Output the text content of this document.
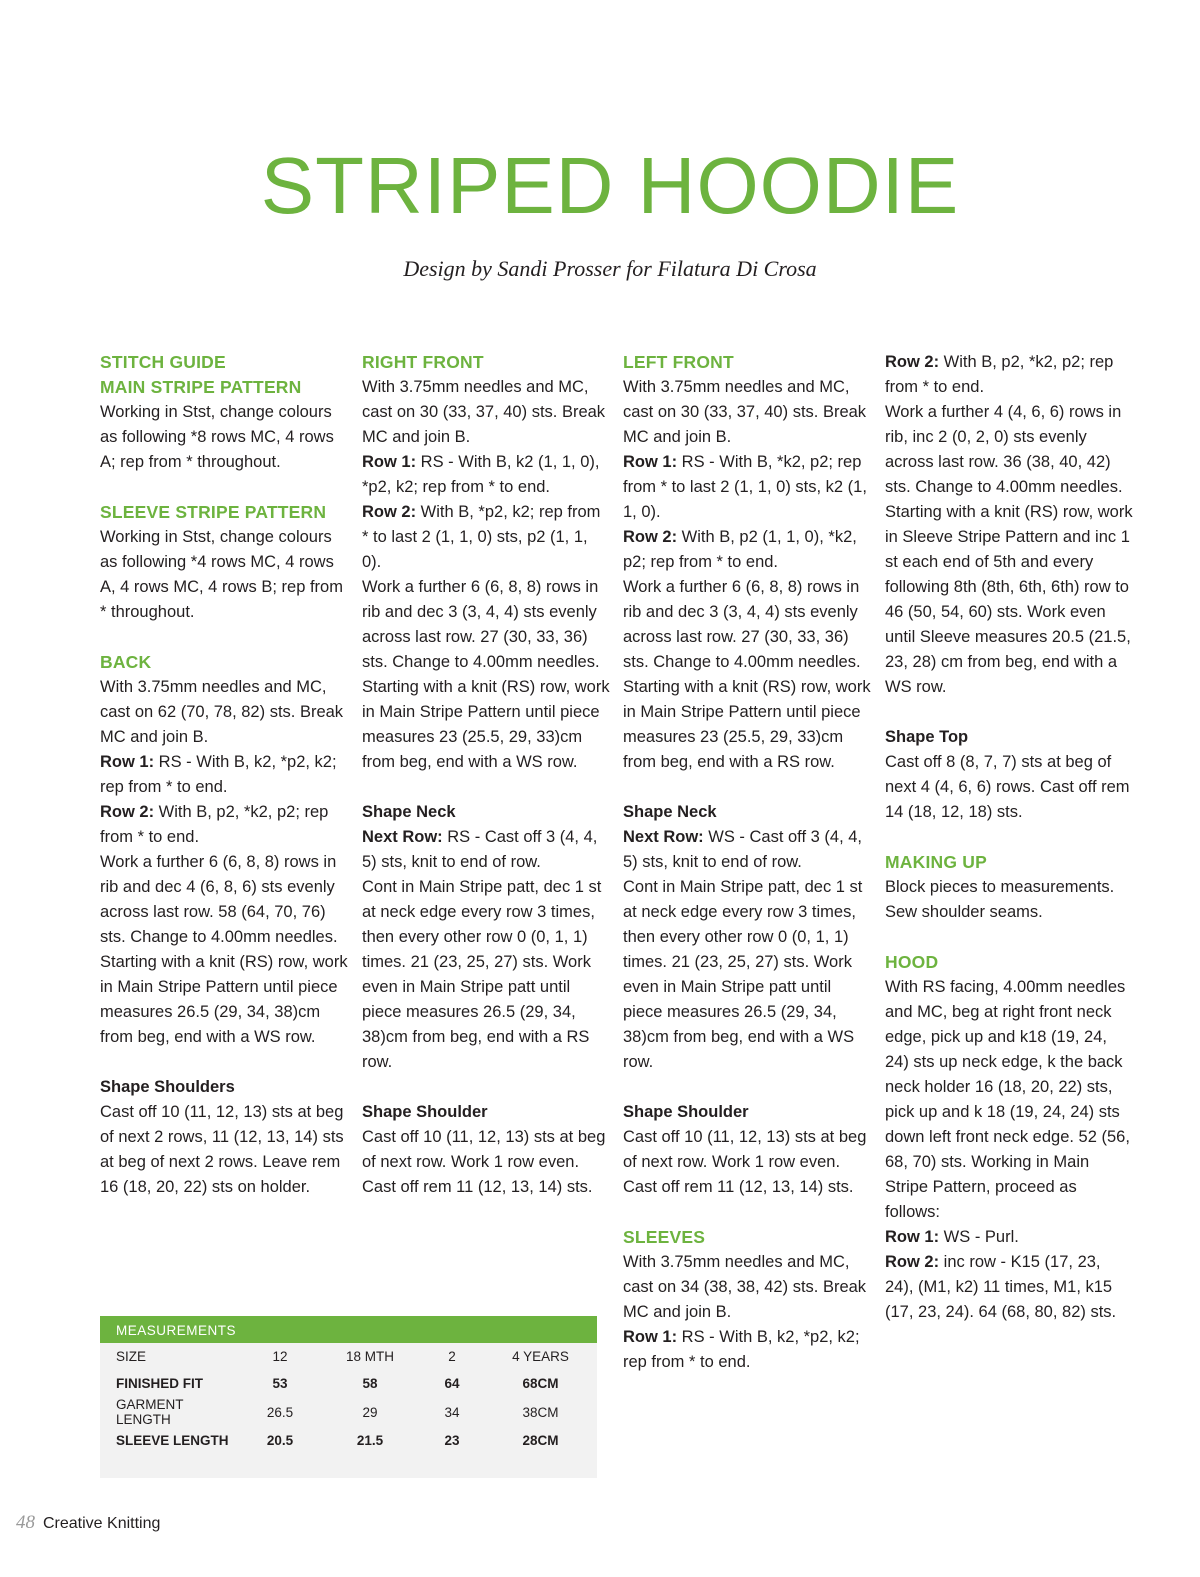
STRIPED HOODIE
Design by Sandi Prosser for Filatura Di Crosa

STITCH GUIDE

MAIN STRIPE PATTERN

Working in Stst, change colours as following *8 rows MC, 4 rows A; rep from * throughout.

SLEEVE STRIPE PATTERN

Working in Stst, change colours as following *4 rows MC, 4 rows A, 4 rows MC, 4 rows B; rep from * throughout.

BACK

With 3.75mm needles and MC, cast on 62 (70, 78, 82) sts. Break MC and join B.

Row 1: RS - With B, k2, *p2, k2; rep from * to end.

Row 2: With B, p2, *k2, p2; rep from * to end.

Work a further 6 (6, 8, 8) rows in rib and dec 4 (6, 8, 6) sts evenly across last row. 58 (64, 70, 76) sts. Change to 4.00mm needles. Starting with a knit (RS) row, work in Main Stripe Pattern until piece measures 26.5 (29, 34, 38)cm from beg, end with a WS row.

Shape Shoulders

Cast off 10 (11, 12, 13) sts at beg of next 2 rows, 11 (12, 13, 14) sts at beg of next 2 rows. Leave rem 16 (18, 20, 22) sts on holder.

RIGHT FRONT

With 3.75mm needles and MC, cast on 30 (33, 37, 40) sts. Break MC and join B.

Row 1: RS - With B, k2 (1, 1, 0), *p2, k2; rep from * to end.

Row 2: With B, *p2, k2; rep from * to last 2 (1, 1, 0) sts, p2 (1, 1, 0).

Work a further 6 (6, 8, 8) rows in rib and dec 3 (3, 4, 4) sts evenly across last row. 27 (30, 33, 36) sts. Change to 4.00mm needles. Starting with a knit (RS) row, work in Main Stripe Pattern until piece measures 23 (25.5, 29, 33)cm from beg, end with a WS row.

Shape Neck

Next Row: RS - Cast off 3 (4, 4, 5) sts, knit to end of row.

Cont in Main Stripe patt, dec 1 st at neck edge every row 3 times, then every other row 0 (0, 1, 1) times. 21 (23, 25, 27) sts. Work even in Main Stripe patt until piece measures 26.5 (29, 34, 38)cm from beg, end with a RS row.

Shape Shoulder

Cast off 10 (11, 12, 13) sts at beg of next row. Work 1 row even. Cast off rem 11 (12, 13, 14) sts.

LEFT FRONT

With 3.75mm needles and MC, cast on 30 (33, 37, 40) sts. Break MC and join B.

Row 1: RS - With B, *k2, p2; rep from * to last 2 (1, 1, 0) sts, k2 (1, 1, 0).

Row 2: With B, p2 (1, 1, 0), *k2, p2; rep from * to end.

Work a further 6 (6, 8, 8) rows in rib and dec 3 (3, 4, 4) sts evenly across last row. 27 (30, 33, 36) sts. Change to 4.00mm needles. Starting with a knit (RS) row, work in Main Stripe Pattern until piece measures 23 (25.5, 29, 33)cm from beg, end with a RS row.

Shape Neck

Next Row: WS - Cast off 3 (4, 4, 5) sts, knit to end of row.

Cont in Main Stripe patt, dec 1 st at neck edge every row 3 times, then every other row 0 (0, 1, 1) times. 21 (23, 25, 27) sts. Work even in Main Stripe patt until piece measures 26.5 (29, 34, 38)cm from beg, end with a WS row.

Shape Shoulder

Cast off 10 (11, 12, 13) sts at beg of next row. Work 1 row even. Cast off rem 11 (12, 13, 14) sts.

SLEEVES

With 3.75mm needles and MC, cast on 34 (38, 38, 42) sts. Break MC and join B.

Row 1: RS - With B, k2, *p2, k2; rep from * to end.

Row 2: With B, p2, *k2, p2; rep from * to end.

Work a further 4 (4, 6, 6) rows in rib, inc 2 (0, 2, 0) sts evenly across last row. 36 (38, 40, 42) sts. Change to 4.00mm needles. Starting with a knit (RS) row, work in Sleeve Stripe Pattern and inc 1 st each end of 5th and every following 8th (8th, 6th, 6th) row to 46 (50, 54, 60) sts. Work even until Sleeve measures 20.5 (21.5, 23, 28) cm from beg, end with a WS row.

Shape Top

Cast off 8 (8, 7, 7) sts at beg of next 4 (4, 6, 6) rows. Cast off rem 14 (18, 12, 18) sts.

MAKING UP

Block pieces to measurements. Sew shoulder seams.

HOOD

With RS facing, 4.00mm needles and MC, beg at right front neck edge, pick up and k18 (19, 24, 24) sts up neck edge, k the back neck holder 16 (18, 20, 22) sts, pick up and k 18 (19, 24, 24) sts down left front neck edge. 52 (56, 68, 70) sts. Working in Main Stripe Pattern, proceed as follows:

Row 1: WS - Purl.

Row 2: inc row - K15 (17, 23, 24), (M1, k2) 11 times, M1, k15 (17, 23, 24). 64 (68, 80, 82) sts.

MEASUREMENTS
SIZE	12	18 MTH	2	4 YEARS
FINISHED FIT	53	58	64	68CM
GARMENT LENGTH	26.5	29	34	38CM
SLEEVE LENGTH	20.5	21.5	23	28CM
48 Creative Knitting
